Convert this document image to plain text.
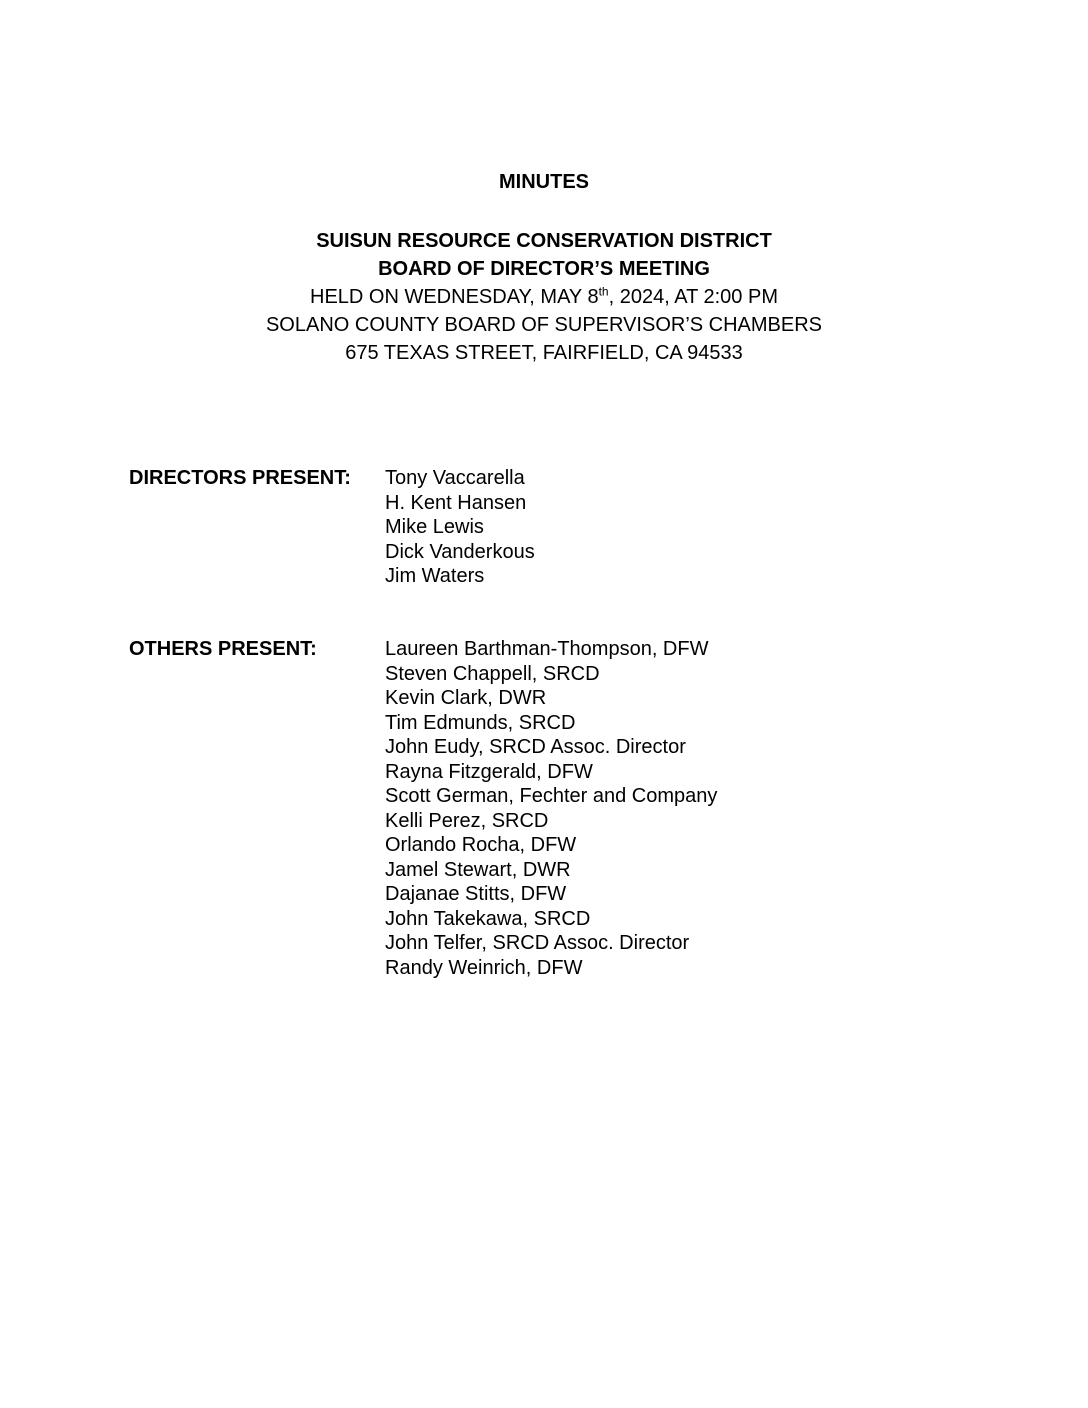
MINUTES
SUISUN RESOURCE CONSERVATION DISTRICT
BOARD OF DIRECTOR’S MEETING
HELD ON WEDNESDAY, MAY 8th, 2024, AT 2:00 PM
SOLANO COUNTY BOARD OF SUPERVISOR’S CHAMBERS
675 TEXAS STREET, FAIRFIELD, CA 94533
DIRECTORS PRESENT:	Tony Vaccarella
H. Kent Hansen
Mike Lewis
Dick Vanderkous
Jim Waters
OTHERS PRESENT:	Laureen Barthman-Thompson, DFW
Steven Chappell, SRCD
Kevin Clark, DWR
Tim Edmunds, SRCD
John Eudy, SRCD Assoc. Director
Rayna Fitzgerald, DFW
Scott German, Fechter and Company
Kelli Perez, SRCD
Orlando Rocha, DFW
Jamel Stewart, DWR
Dajanae Stitts, DFW
John Takekawa, SRCD
John Telfer, SRCD Assoc. Director
Randy Weinrich, DFW
